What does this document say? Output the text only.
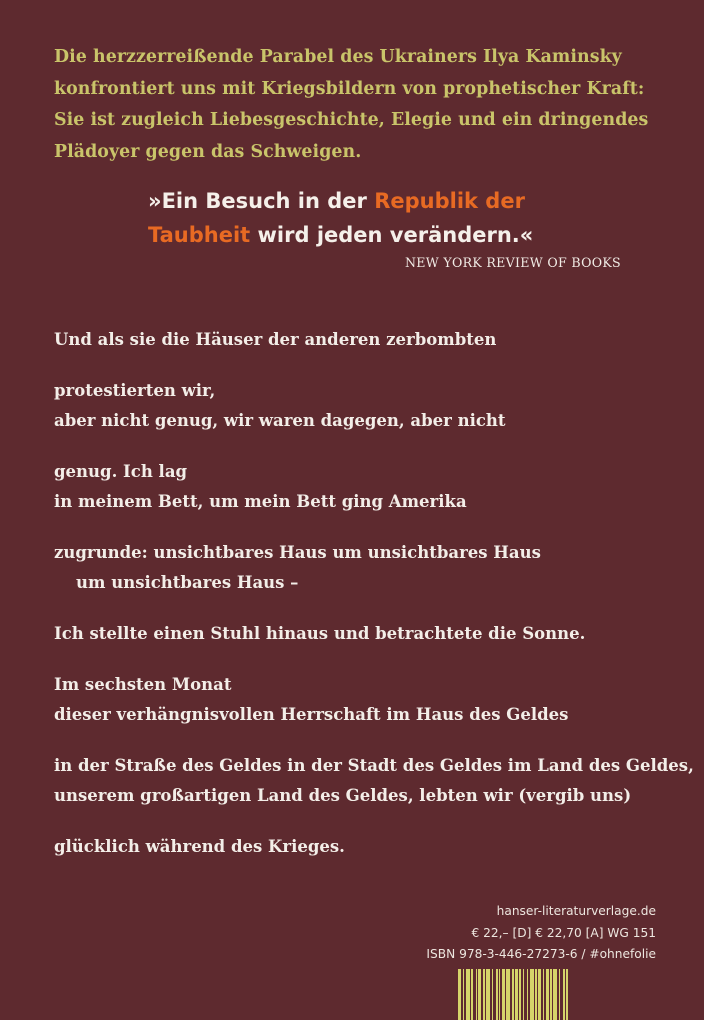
Die herzzerreißende Parabel des Ukrainers Ilya Kaminsky
konfrontiert uns mit Kriegsbildern von prophetischer Kraft:
Sie ist zugleich Liebesgeschichte, Elegie und ein dringendes
Plädoyer gegen das Schweigen.
»Ein Besuch in der Republik der
Taubheit wird jeden verändern.«
NEW YORK REVIEW OF BOOKS
Und als sie die Häuser der anderen zerbombten
protestierten wir,
aber nicht genug, wir waren dagegen, aber nicht
genug. Ich lag
in meinem Bett, um mein Bett ging Amerika
zugrunde: unsichtbares Haus um unsichtbares Haus
um unsichtbares Haus –
Ich stellte einen Stuhl hinaus und betrachtete die Sonne.
Im sechsten Monat
dieser verhängnisvollen Herrschaft im Haus des Geldes
in der Straße des Geldes in der Stadt des Geldes im Land des Geldes,
unserem großartigen Land des Geldes, lebten wir (vergib uns)
glücklich während des Krieges.
hanser-literaturverlage.de
€ 22,– [D] € 22,70 [A] WG 151
ISBN 978-3-446-27273-6 / #ohnefolie
